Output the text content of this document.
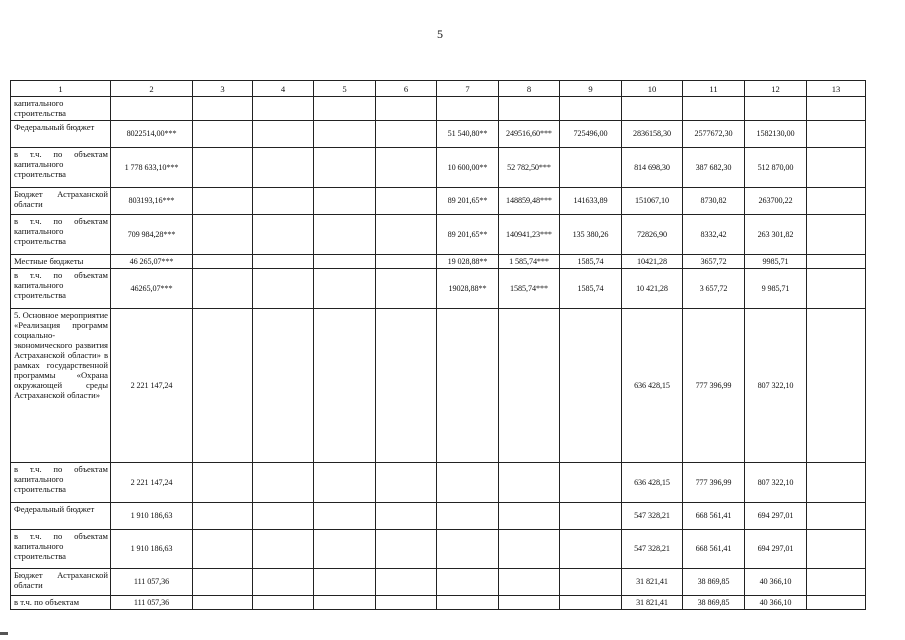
5
1	2	3	4	5	6	7	8	9	10	11	12	13
капитального строительства												
Федеральный бюджет	8022514,00***					51 540,80**	249516,60***	725496,00	2836158,30	2577672,30	1582130,00	
в т.ч. по объектам капитального строительства	1 778 633,10***					10 600,00**	52 782,50***		814 698,30	387 682,30	512 870,00	
Бюджет Астраханской области	803193,16***					89 201,65**	148859,48***	141633,89	151067,10	8730,82	263700,22	
в т.ч. по объектам капитального строительства	709 984,28***					89 201,65**	140941,23***	135 380,26	72826,90	8332,42	263 301,82	
Местные бюджеты	46 265,07***					19 028,88**	1 585,74***	1585,74	10421,28	3657,72	9985,71	
в т.ч. по объектам капитального строительства	46265,07***					19028,88**	1585,74***	1585,74	10 421,28	3 657,72	9 985,71	
5. Основное мероприятие «Реализация программ социально-экономического развития Астраханской области» в рамках государственной программы «Охрана окружающей среды Астраханской области»	2 221 147,24								636 428,15	777 396,99	807 322,10	
в т.ч. по объектам капитального строительства	2 221 147,24								636 428,15	777 396,99	807 322,10	
Федеральный бюджет	1 910 186,63								547 328,21	668 561,41	694 297,01	
в т.ч. по объектам капитального строительства	1 910 186,63								547 328,21	668 561,41	694 297,01	
Бюджет Астраханской области	111 057,36								31 821,41	38 869,85	40 366,10	
в т.ч. по объектам	111 057,36								31 821,41	38 869,85	40 366,10	
